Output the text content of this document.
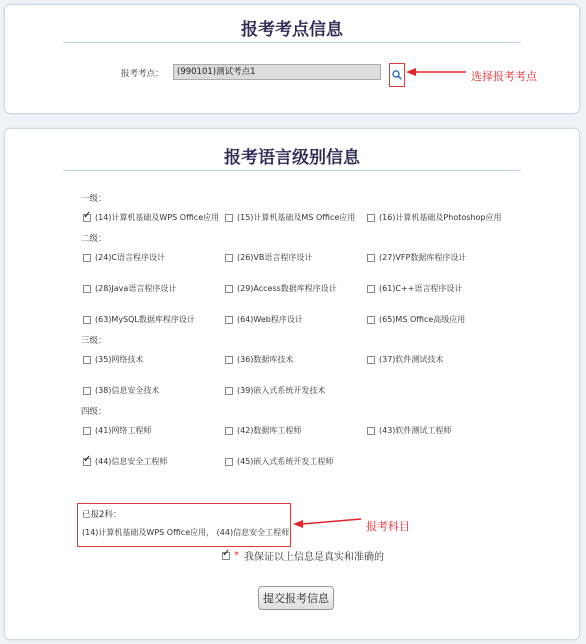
报考考点信息
报考考点：	(990101)测试考点1	选择报考考点
报考语言级别信息
一级：
✓
(14)计算机基础及WPS Office应用 (15)计算机基础及MS Office应用	(16)计算机基础及Photoshop应用
二级：
(24)C语言程序设计	(26)VB语言程序设计	(27)VFP数据库程序设计
(28)Java语言程序设计	(29)Access数据库程序设计	(61)C++语言程序设计
(63)MySQL数据库程序设计	(64)Web程序设计	(65)MS Office高级应用
三级：
(35)网络技术	(36)数据库技术	(37)软件测试技术
(38)信息安全技术	(39)嵌入式系统开发技术
四级：
(41)网络工程师	(42)数据库工程师	(43)软件测试工程师
✓
(44)信息安全工程师	(45)嵌入式系统开发工程师
已报2科：
(14)计算机基础及WPS Office应用， (44)信息安全工程师	报考科目
✓
* 我保证以上信息是真实和准确的
提交报考信息
